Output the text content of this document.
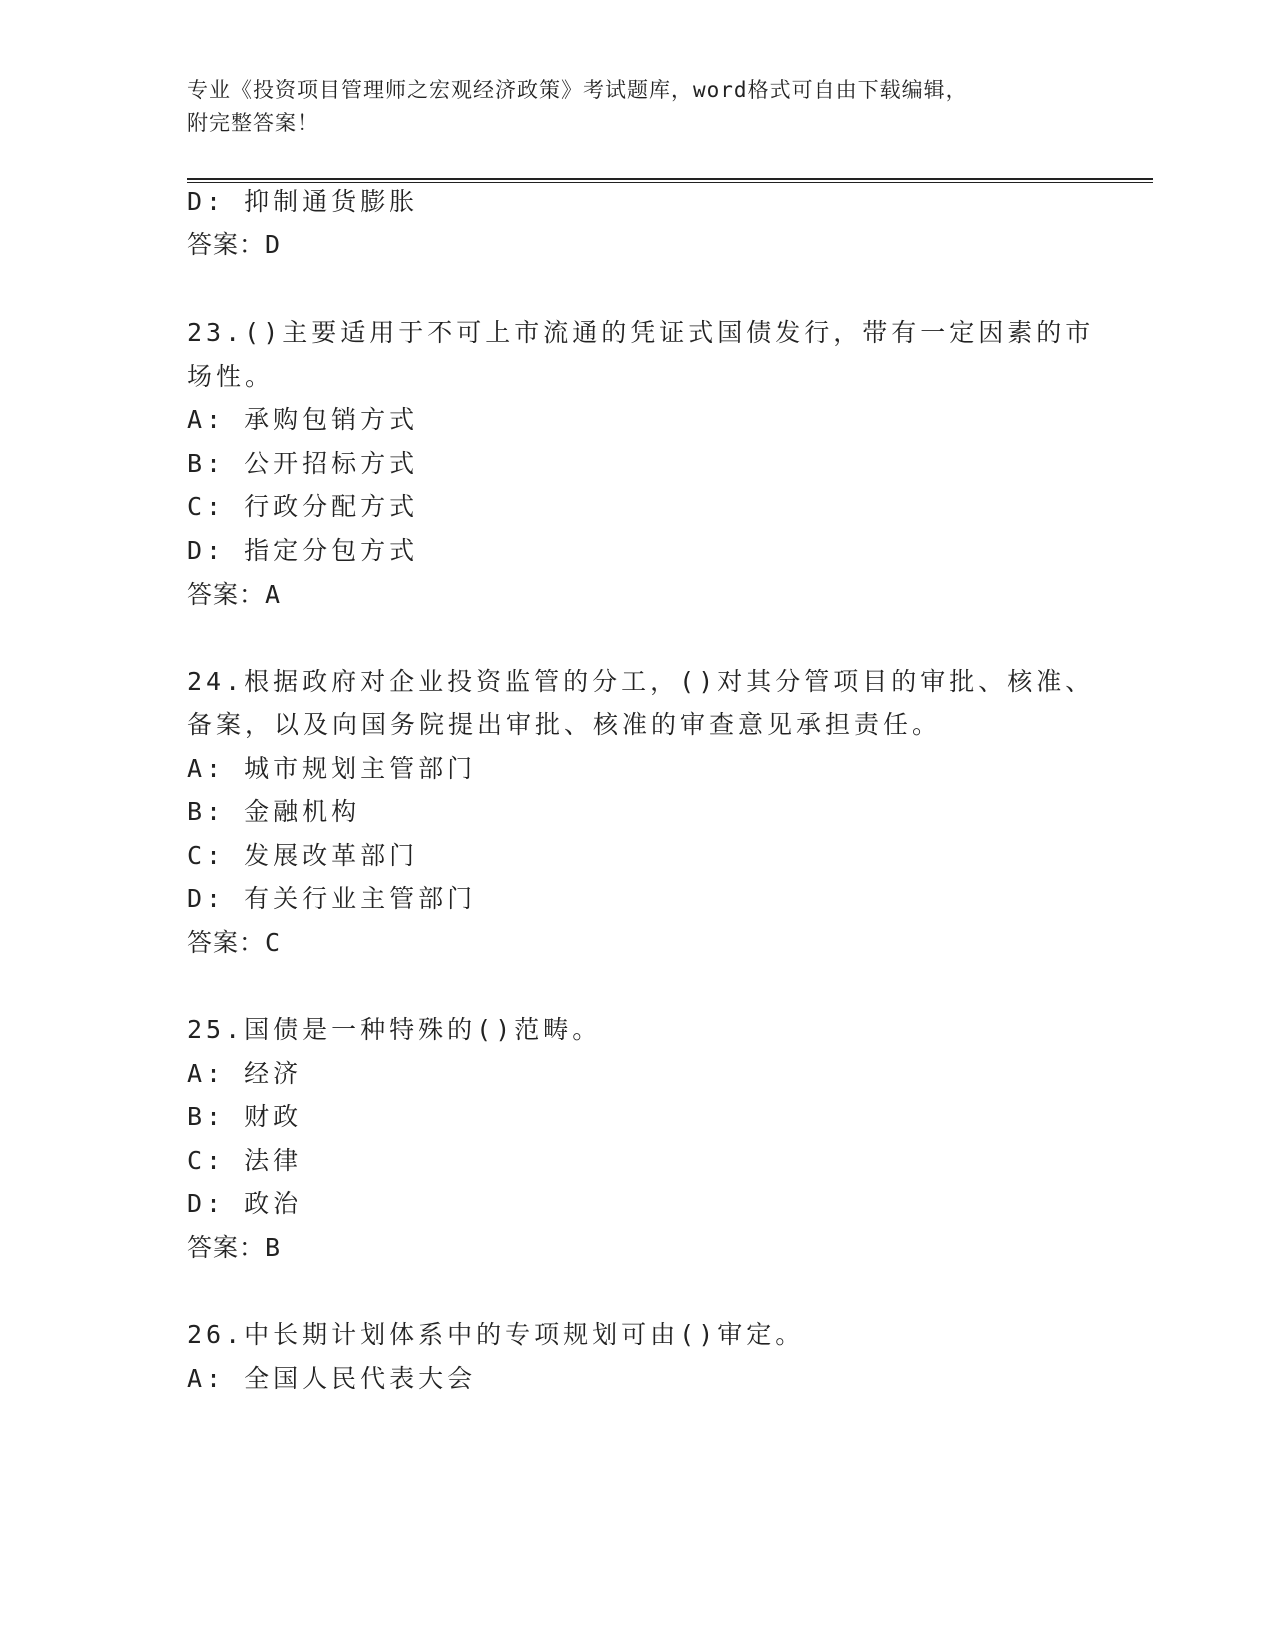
专业《投资项目管理师之宏观经济政策》考试题库，word格式可自由下载编辑，
附完整答案！
D: 抑制通货膨胀
答案：D
23.()主要适用于不可上市流通的凭证式国债发行，带有一定因素的市
场性。
A: 承购包销方式
B: 公开招标方式
C: 行政分配方式
D: 指定分包方式
答案：A
24.根据政府对企业投资监管的分工，()对其分管项目的审批、核准、
备案，以及向国务院提出审批、核准的审查意见承担责任。
A: 城市规划主管部门
B: 金融机构
C: 发展改革部门
D: 有关行业主管部门
答案：C
25.国债是一种特殊的()范畴。
A: 经济
B: 财政
C: 法律
D: 政治
答案：B
26.中长期计划体系中的专项规划可由()审定。
A: 全国人民代表大会
